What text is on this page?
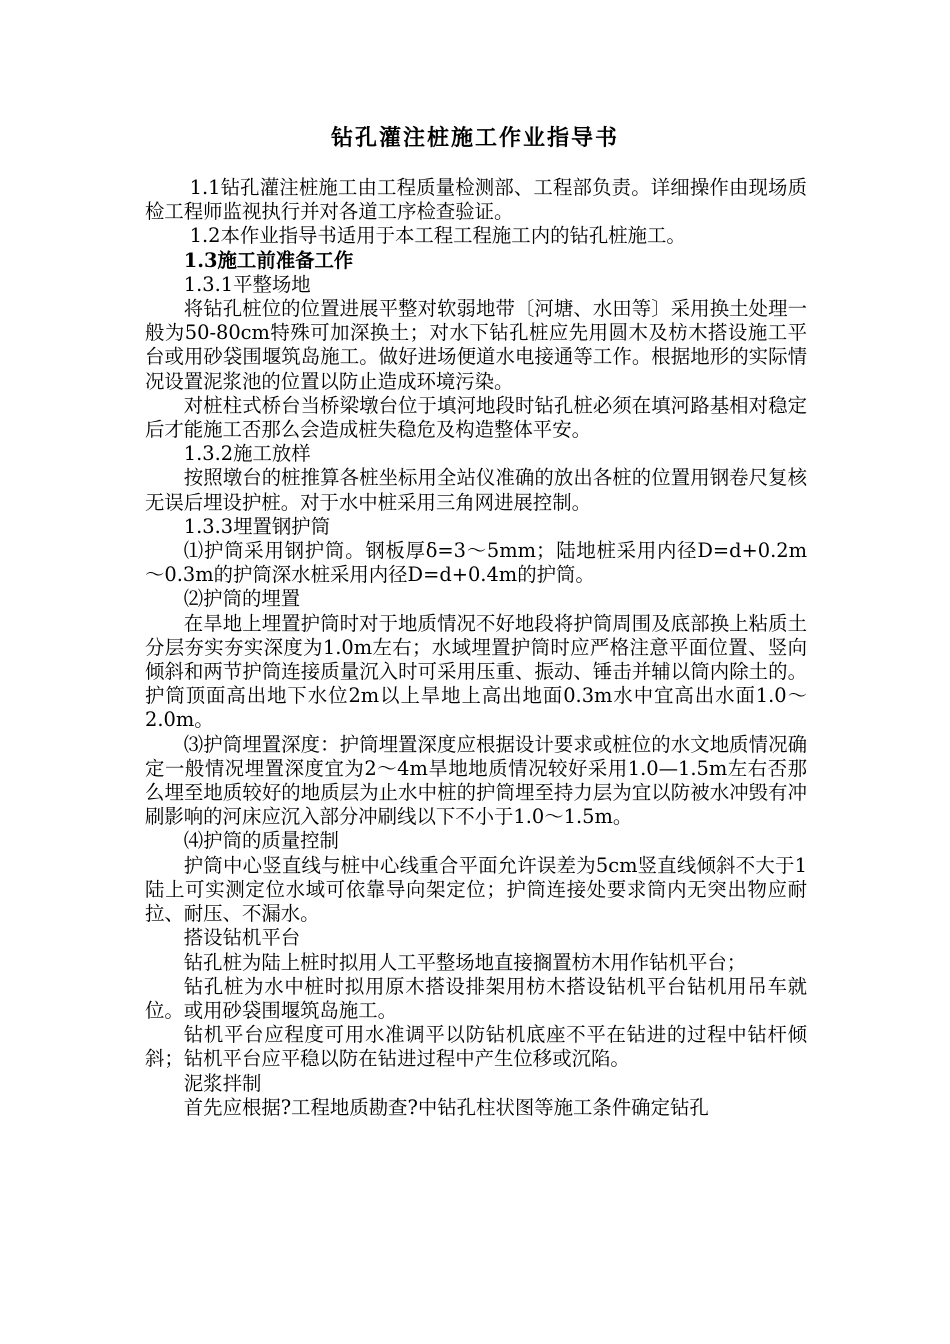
钻孔灌注桩施工作业指导书

1.1钻孔灌注桩施工由工程质量检测部、工程部负责。详细操作由现场质检工程师监视执行并对各道工序检查验证。

1.2本作业指导书适用于本工程工程施工内的钻孔桩施工。

1.3施工前准备工作

1.3.1平整场地

将钻孔桩位的位置进展平整对软弱地带〔河塘、水田等〕采用换土处理一般为50-80cm特殊可加深换土；对水下钻孔桩应先用圆木及枋木搭设施工平台或用砂袋围堰筑岛施工。做好进场便道水电接通等工作。根据地形的实际情况设置泥浆池的位置以防止造成环境污染。

对桩柱式桥台当桥梁墩台位于填河地段时钻孔桩必须在填河路基相对稳定后才能施工否那么会造成桩失稳危及构造整体平安。

1.3.2施工放样

按照墩台的桩推算各桩坐标用全站仪准确的放出各桩的位置用钢卷尺复核无误后埋设护桩。对于水中桩采用三角网进展控制。

1.3.3埋置钢护筒

⑴护筒采用钢护筒。钢板厚δ=3～5mm；陆地桩采用内径D=d+0.2m～0.3m的护筒深水桩采用内径D=d+0.4m的护筒。

⑵护筒的埋置

在旱地上埋置护筒时对于地质情况不好地段将护筒周围及底部换上粘质土分层夯实夯实深度为1.0m左右；水域埋置护筒时应严格注意平面位置、竖向倾斜和两节护筒连接质量沉入时可采用压重、振动、锤击并辅以筒内除土的。护筒顶面高出地下水位2m以上旱地上高出地面0.3m水中宜高出水面1.0～2.0m。

⑶护筒埋置深度：护筒埋置深度应根据设计要求或桩位的水文地质情况确定一般情况埋置深度宜为2～4m旱地地质情况较好采用1.0—1.5m左右否那么埋至地质较好的地质层为止水中桩的护筒埋至持力层为宜以防被水冲毁有冲刷影响的河床应沉入部分冲刷线以下不小于1.0～1.5m。

⑷护筒的质量控制

护筒中心竖直线与桩中心线重合平面允许误差为5cm竖直线倾斜不大于1陆上可实测定位水域可依靠导向架定位；护筒连接处要求筒内无突出物应耐拉、耐压、不漏水。

搭设钻机平台

钻孔桩为陆上桩时拟用人工平整场地直接搁置枋木用作钻机平台；

钻孔桩为水中桩时拟用原木搭设排架用枋木搭设钻机平台钻机用吊车就位。或用砂袋围堰筑岛施工。

钻机平台应程度可用水准调平以防钻机底座不平在钻进的过程中钻杆倾斜；钻机平台应平稳以防在钻进过程中产生位移或沉陷。

泥浆拌制

首先应根据?工程地质勘查?中钻孔柱状图等施工条件确定钻孔
